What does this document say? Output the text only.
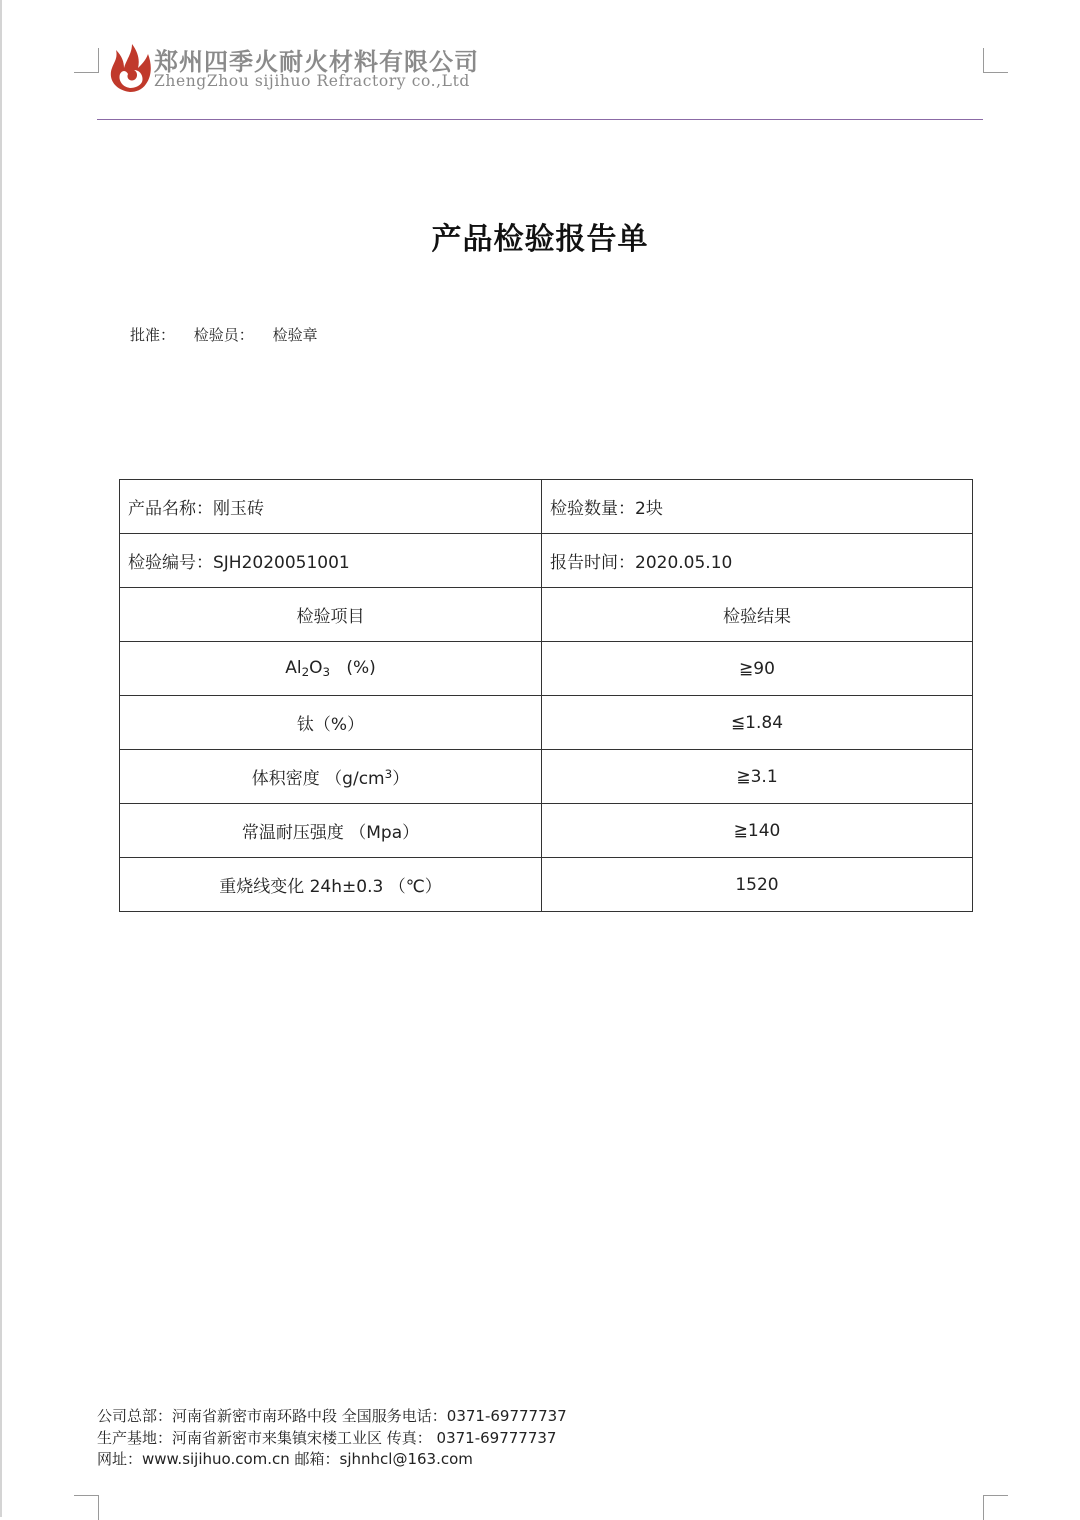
郑州四季火耐火材料有限公司
ZhengZhou sijihuo Refractory co.,Ltd
产品检验报告单
批准： 检验员： 检验章
产品名称：刚玉砖	检验数量：2块
检验编号：SJH2020051001	报告时间：2020.05.10
检验项目	检验结果
$Al_2O_3$ (%)	≧90
钛（%）	≦1.84
体积密度 $(g/cm^3)$	≧3.1
常温耐压强度 （Mpa）	≧140
重烧线变化 24h±0.3 （℃）	1520
公司总部：河南省新密市南环路中段 全国服务电话：0371-69777737
生产基地：河南省新密市来集镇宋楼工业区 传真： 0371-69777737
网址：www.sijihuo.com.cn 邮箱：sjhnhcl@163.com
